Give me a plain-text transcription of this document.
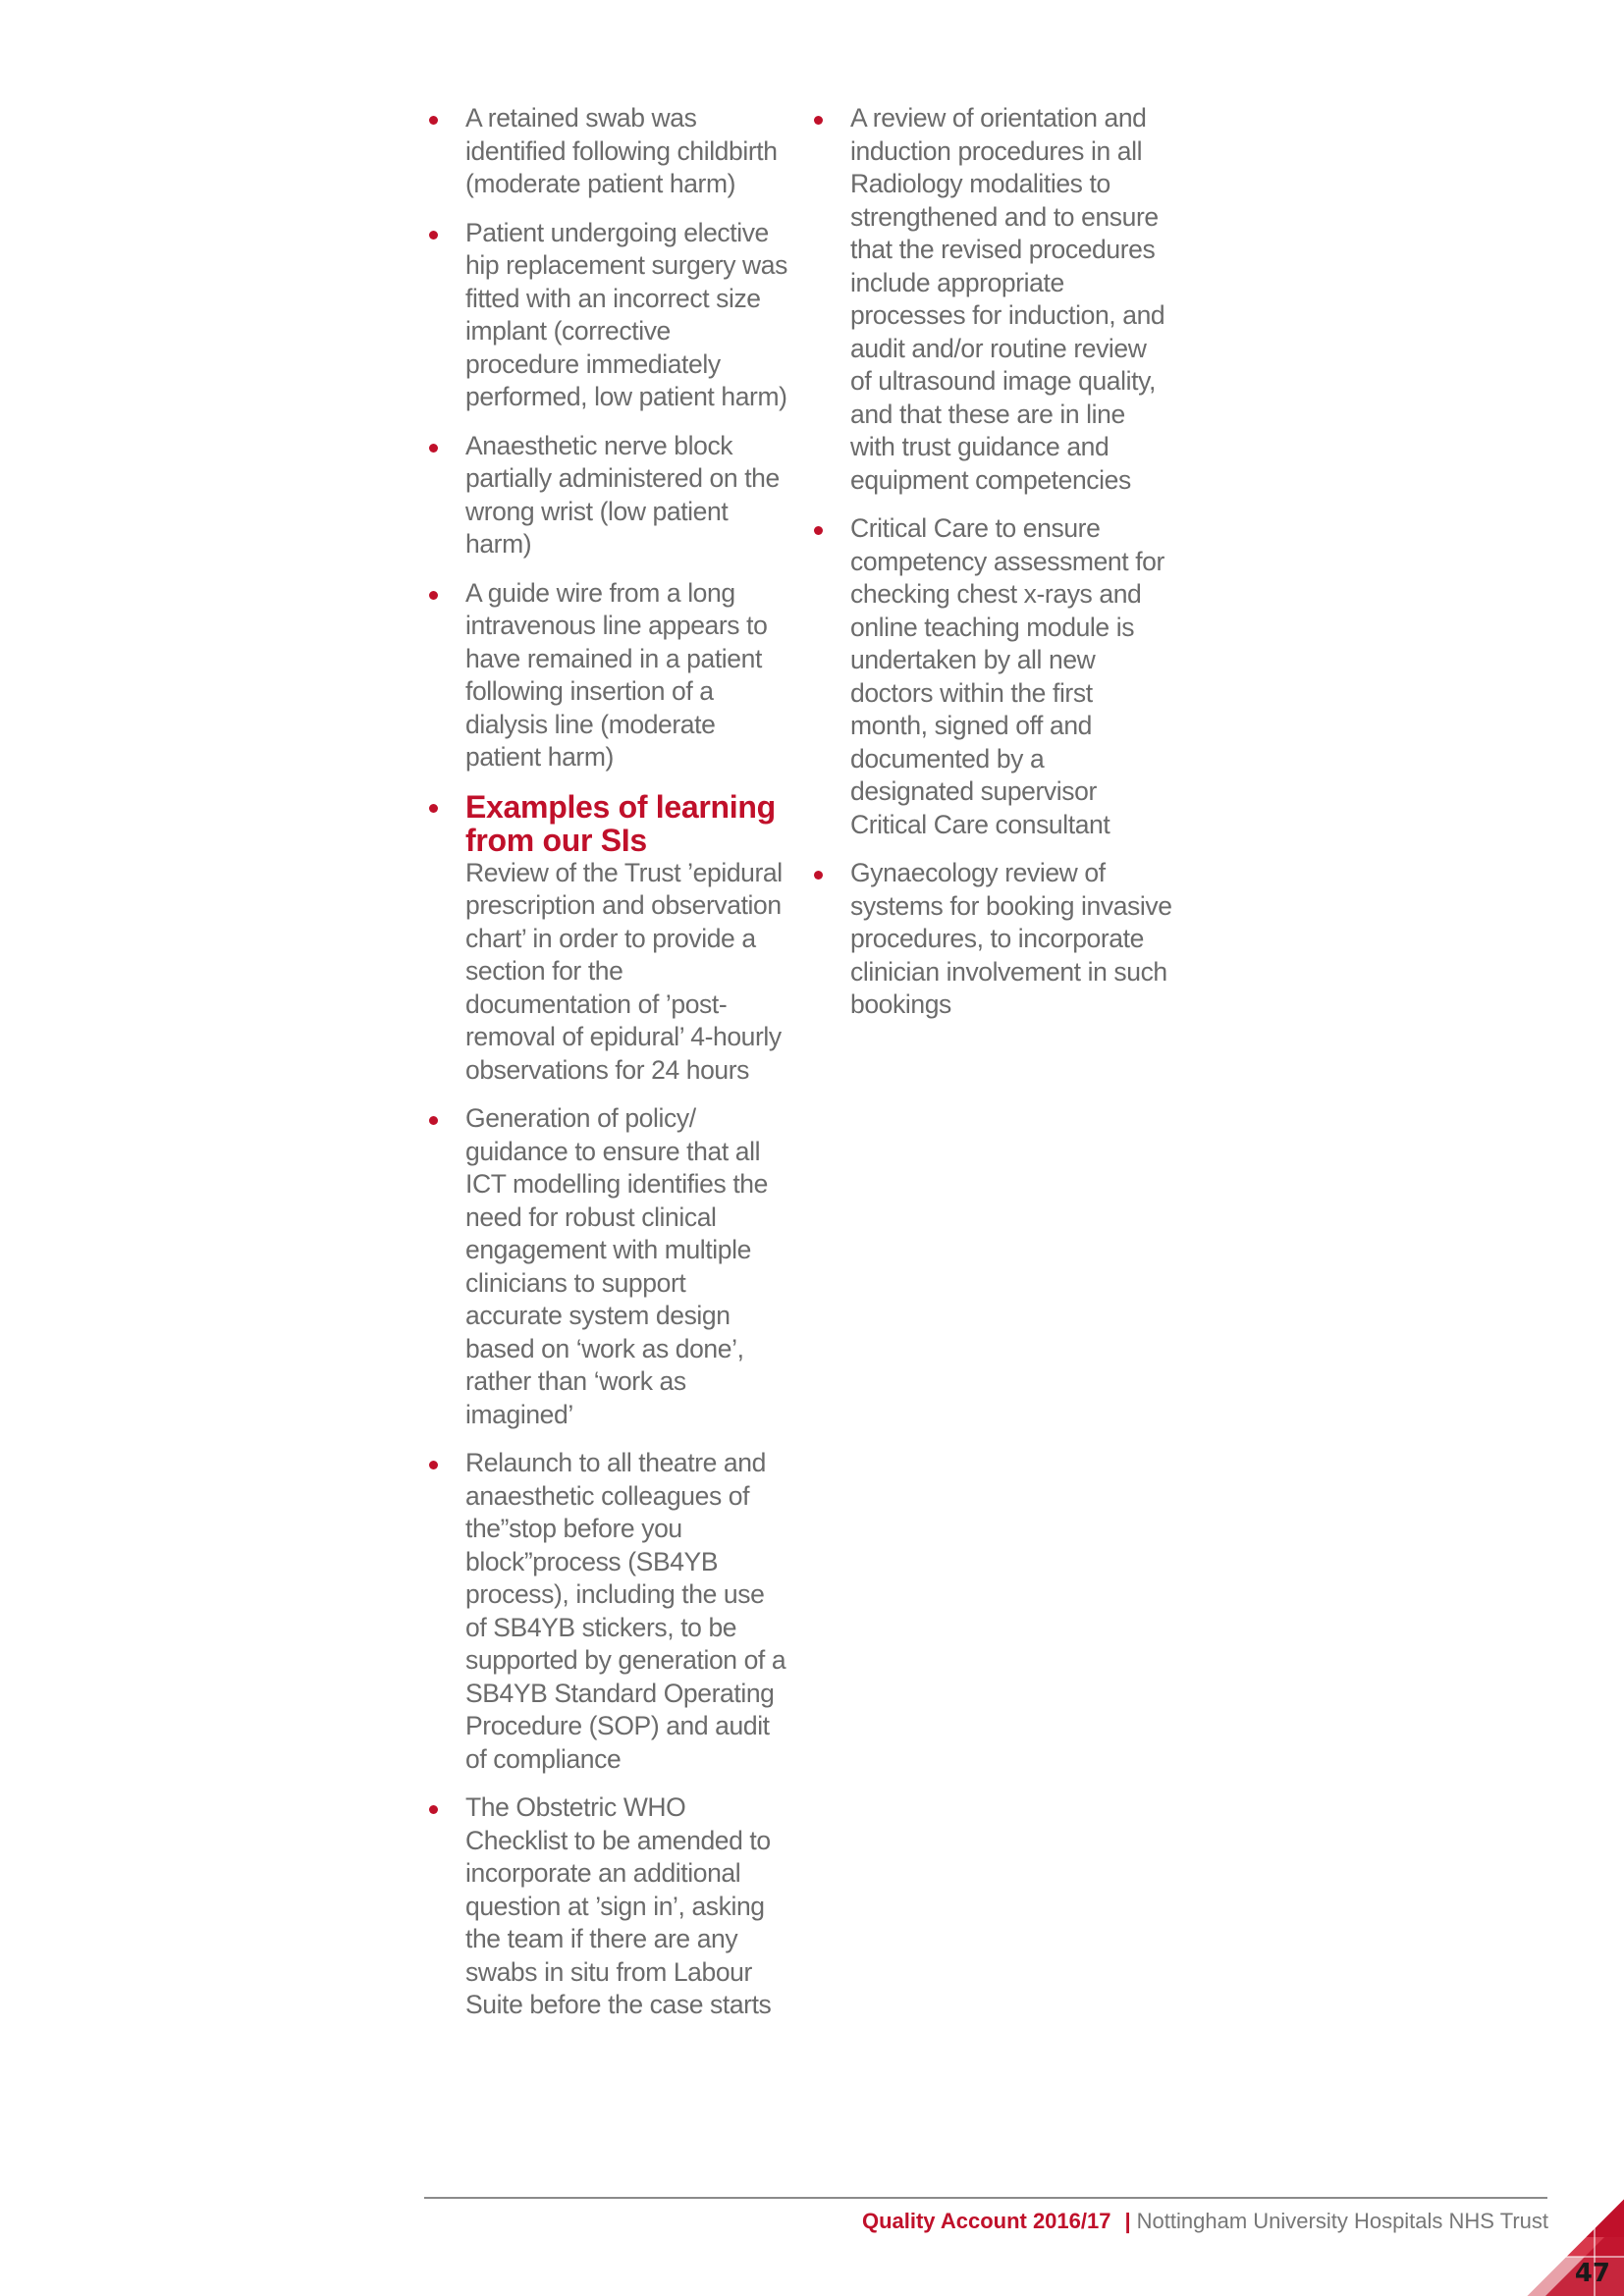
A retained swab was identified following childbirth (moderate patient harm)
Patient undergoing elective hip replacement surgery was fitted with an incorrect size implant (corrective procedure immediately performed, low patient harm)
Anaesthetic nerve block partially administered on the wrong wrist (low patient harm)
A guide wire from a long intravenous line appears to have remained in a patient following insertion of a dialysis line (moderate patient harm)
Examples of learning from our SIs
Review of the Trust ’epidural prescription and observation chart’ in order to provide a section for the documentation of ’post-removal of epidural’ 4-hourly observations for 24 hours
Generation of policy/ guidance to ensure that all ICT modelling identifies the need for robust clinical engagement with multiple clinicians to support accurate system design based on ‘work as done’, rather than ‘work as imagined’
Relaunch to all theatre and anaesthetic colleagues of the”stop before you block”process (SB4YB process), including the use of SB4YB stickers, to be supported by generation of a SB4YB Standard Operating Procedure (SOP) and audit of compliance
The Obstetric WHO Checklist to be amended to incorporate an additional question at ’sign in’, asking the team if there are any swabs in situ from Labour Suite before the case starts
A review of orientation and induction procedures in all Radiology modalities to strengthened and to ensure that the revised procedures include appropriate processes for induction, and audit and/or routine review of ultrasound image quality, and that these are in line with trust guidance and equipment competencies
Critical Care to ensure competency assessment for checking chest x-rays and online teaching module is undertaken by all new doctors within the first month, signed off and documented by a designated supervisor Critical Care consultant
Gynaecology review of systems for booking invasive procedures, to incorporate clinician involvement in such bookings
Quality Account 2016/17 | Nottingham University Hospitals NHS Trust
47
